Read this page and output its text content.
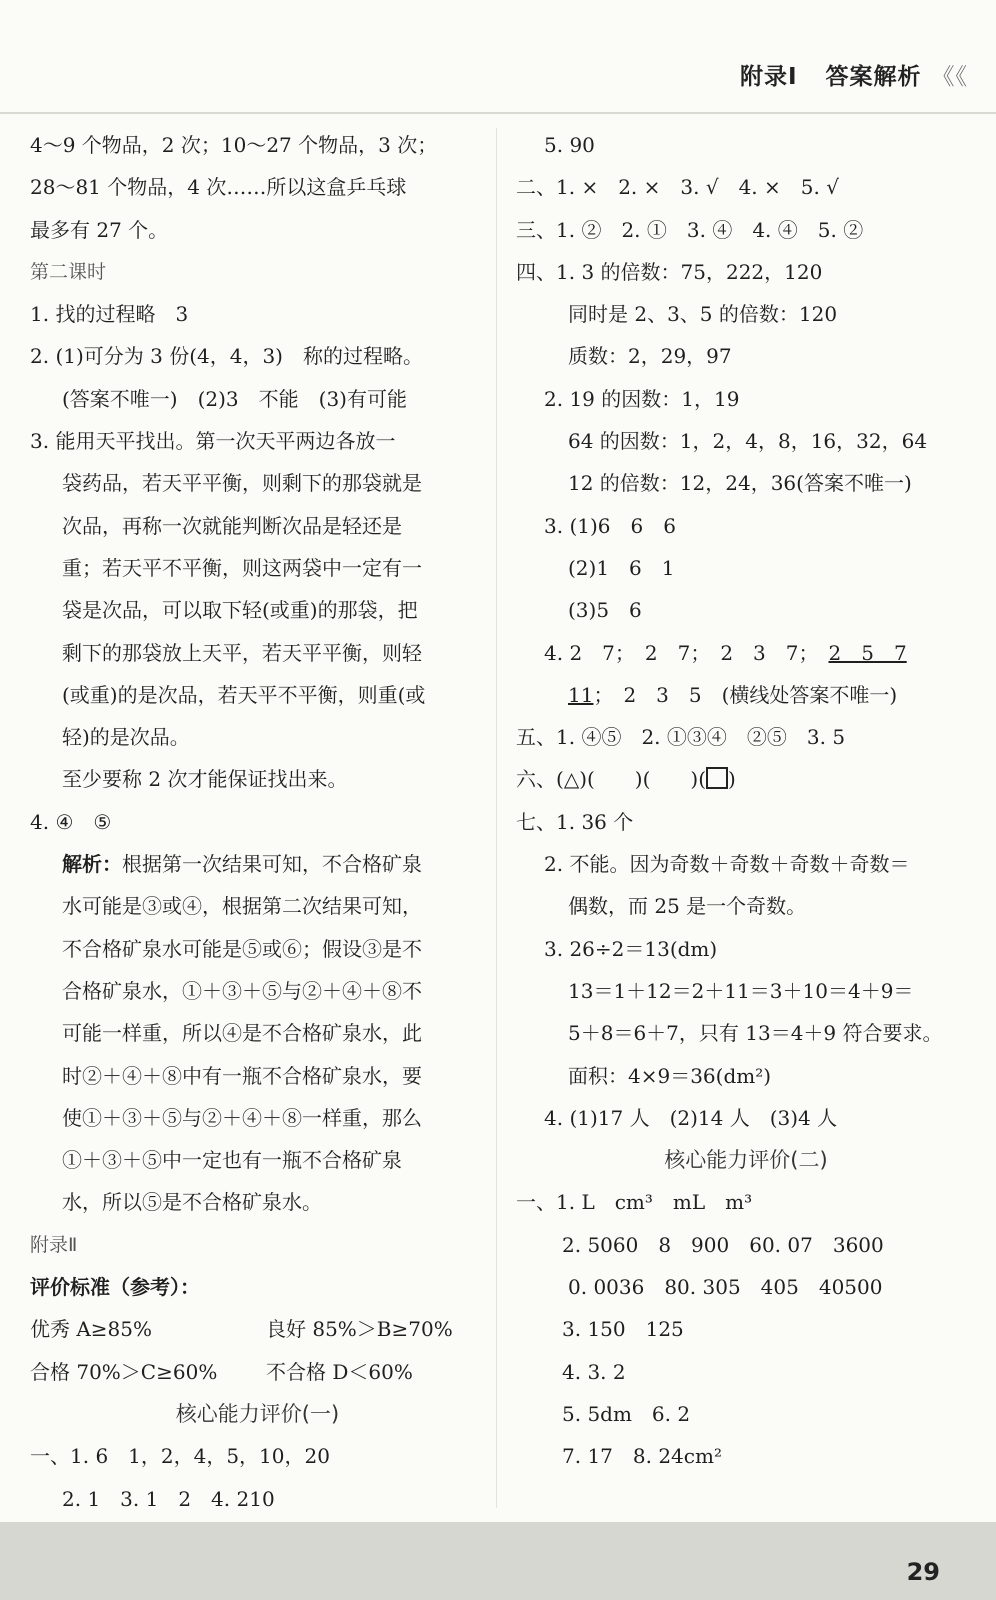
附录Ⅰ 答案解析 《《
4～9 个物品，2 次；10～27 个物品，3 次；
28～81 个物品，4 次……所以这盒乒乓球
最多有 27 个。
第二课时
1. 找的过程略　3
2. (1)可分为 3 份(4，4，3)　称的过程略。
(答案不唯一)　(2)3　不能　(3)有可能
3. 能用天平找出。第一次天平两边各放一
袋药品，若天平平衡，则剩下的那袋就是
次品，再称一次就能判断次品是轻还是
重；若天平不平衡，则这两袋中一定有一
袋是次品，可以取下轻(或重)的那袋，把
剩下的那袋放上天平，若天平平衡，则轻
(或重)的是次品，若天平不平衡，则重(或
轻)的是次品。
至少要称 2 次才能保证找出来。
4. ④　⑤
解析：根据第一次结果可知，不合格矿泉
水可能是③或④，根据第二次结果可知，
不合格矿泉水可能是⑤或⑥；假设③是不
合格矿泉水，①＋③＋⑤与②＋④＋⑧不
可能一样重，所以④是不合格矿泉水，此
时②＋④＋⑧中有一瓶不合格矿泉水，要
使①＋③＋⑤与②＋④＋⑧一样重，那么
①＋③＋⑤中一定也有一瓶不合格矿泉
水，所以⑤是不合格矿泉水。
附录Ⅱ
评价标准（参考）：
优秀 A≥85%	良好 85%＞B≥70%
合格 70%＞C≥60% 不合格 D＜60%
核心能力评价(一)
一、1. 6　1，2，4，5，10，20
2. 1　3. 1　2　4. 210
5. 90
二、1. ×　2. ×　3. √　4. ×　5. √
三、1. ②　2. ①　3. ④　4. ④　5. ②
四、1. 3 的倍数：75，222，120
同时是 2、3、5 的倍数：120
质数：2，29，97
2. 19 的因数：1，19
64 的因数：1，2，4，8，16，32，64
12 的倍数：12，24，36(答案不唯一)
3. (1)6　6　6
(2)1　6　1
(3)5　6
4. 2　7；　2　7；　2　3　7；　2　5　7
11；　2　3　5　(横线处答案不唯一)
五、1. ④⑤　2. ①③④　②⑤　3. 5
六、(△)(　　)(　　)( )
七、1. 36 个
2. 不能。因为奇数＋奇数＋奇数＋奇数＝
偶数，而 25 是一个奇数。
3. 26÷2＝13(dm)
13＝1＋12＝2＋11＝3＋10＝4＋9＝
5＋8＝6＋7，只有 13＝4＋9 符合要求。
面积：4×9＝36(dm²)
4. (1)17 人　(2)14 人　(3)4 人
核心能力评价(二)
一、1. L　cm³　mL　m³
2. 5060　8　900　60. 07　3600
0. 0036　80. 305　405　40500
3. 150　125
4. 3. 2
5. 5dm　6. 2
7. 17　8. 24cm²
29
